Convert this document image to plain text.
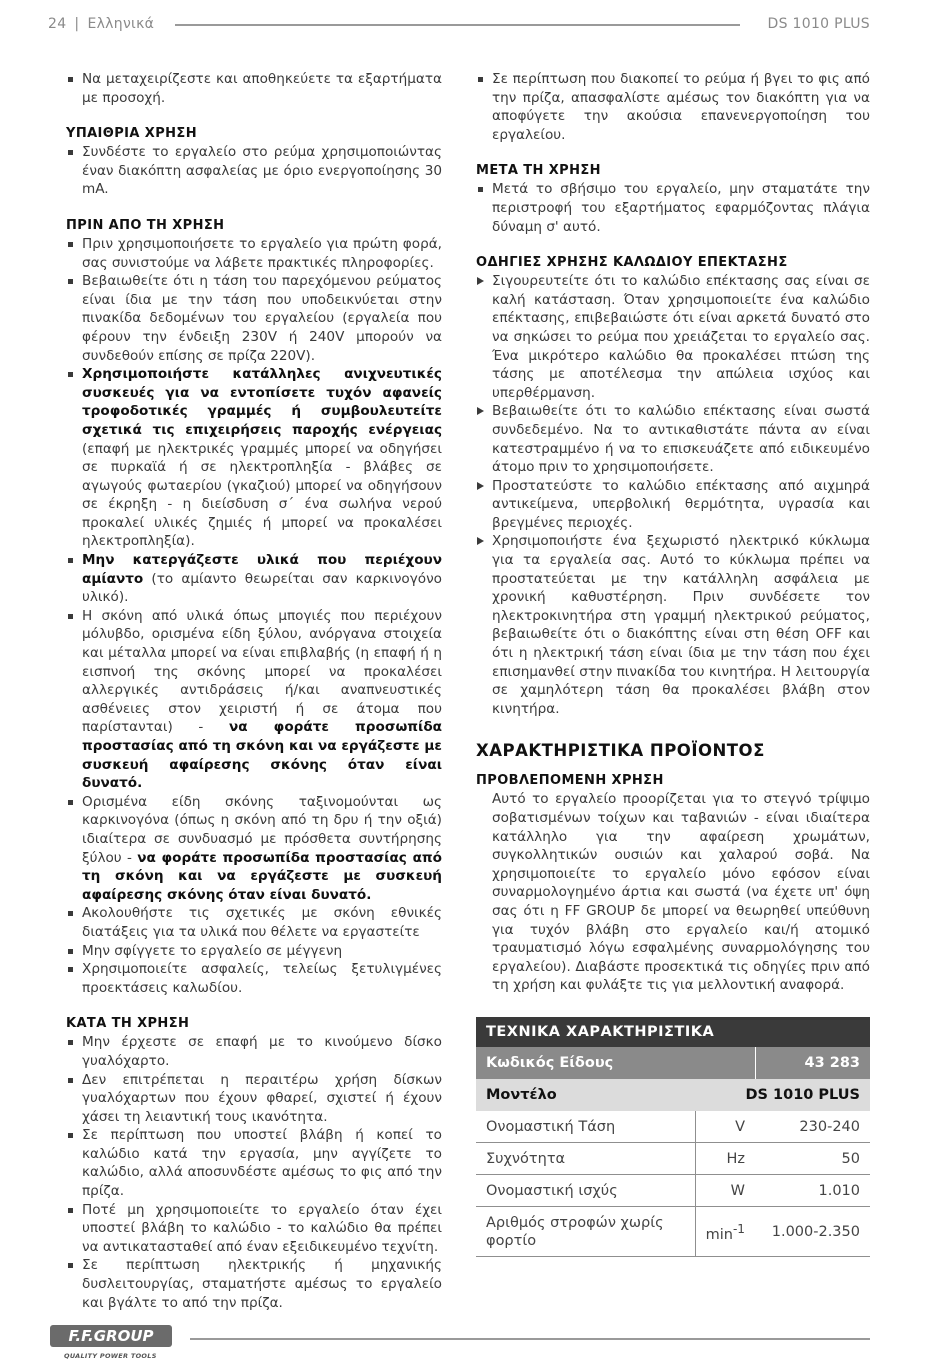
24 | Ελληνικά	DS 1010 PLUS
Να μεταχειρίζεστε και αποθηκεύετε τα εξαρτήματα με προσοχή.
ΥΠΑΙΘΡΙΑ ΧΡΗΣΗ
Συνδέστε το εργαλείο στο ρεύμα χρησιμοποιώντας έναν διακόπτη ασφαλείας με όριο ενεργοποίησης 30 mA.
ΠΡΙΝ ΑΠΟ ΤΗ ΧΡΗΣΗ
Πριν χρησιμοποιήσετε το εργαλείο για πρώτη φορά, σας συνιστούμε να λάβετε πρακτικές πληροφορίες.
Βεβαιωθείτε ότι η τάση του παρεχόμενου ρεύματος είναι ίδια με την τάση που υποδεικνύεται στην πινακίδα δεδομένων του εργαλείου (εργαλεία που φέρουν την ένδειξη 230V ή 240V μπορούν να συνδεθούν επίσης σε πρίζα 220V).
Χρησιμοποιήστε κατάλληλες ανιχνευτικές συσκευές για να εντοπίσετε τυχόν αφανείς τροφοδοτικές γραμμές ή συμβουλευτείτε σχετικά τις επιχειρήσεις παροχής ενέργειας (επαφή με ηλεκτρικές γραμμές μπορεί να οδηγήσει σε πυρκαϊά ή σε ηλεκτροπληξία - βλάβες σε αγωγούς φωταερίου (γκαζιού) μπορεί να οδηγήσουν σε έκρηξη - η διείσδυση σ΄ ένα σωλήνα νερού προκαλεί υλικές ζημιές ή μπορεί να προκαλέσει ηλεκτροπληξία).
Μην κατεργάζεστε υλικά που περιέχουν αμίαντο (το αμίαντο θεωρείται σαν καρκινογόνο υλικό).
Η σκόνη από υλικά όπως μπογιές που περιέχουν μόλυβδο, ορισμένα είδη ξύλου, ανόργανα στοιχεία και μέταλλα μπορεί να είναι επιβλαβής (η επαφή ή η εισπνοή της σκόνης μπορεί να προκαλέσει αλλεργικές αντιδράσεις ή/και αναπνευστικές ασθένειες στον χειριστή ή σε άτομα που παρίστανται) - να φοράτε προσωπίδα προστασίας από τη σκόνη και να εργάζεστε με συσκευή αφαίρεσης σκόνης όταν είναι δυνατό.
Ορισμένα είδη σκόνης ταξινομούνται ως καρκινογόνα (όπως η σκόνη από τη δρυ ή την οξιά) ιδιαίτερα σε συνδυασμό με πρόσθετα συντήρησης ξύλου - να φοράτε προσωπίδα προστασίας από τη σκόνη και να εργάζεστε με συσκευή αφαίρεσης σκόνης όταν είναι δυνατό.
Ακολουθήστε τις σχετικές με σκόνη εθνικές διατάξεις για τα υλικά που θέλετε να εργαστείτε
Μην σφίγγετε το εργαλείο σε μέγγενη
Χρησιμοποιείτε ασφαλείς, τελείως ξετυλιγμένες προεκτάσεις καλωδίου.
ΚΑΤΑ ΤΗ ΧΡΗΣΗ
Μην έρχεστε σε επαφή με το κινούμενο δίσκο γυαλόχαρτο.
Δεν επιτρέπεται η περαιτέρω χρήση δίσκων γυαλόχαρτων που έχουν φθαρεί, σχιστεί ή έχουν χάσει τη λειαντική τους ικανότητα.
Σε περίπτωση που υποστεί βλάβη ή κοπεί το καλώδιο κατά την εργασία, μην αγγίζετε το καλώδιο, αλλά αποσυνδέστε αμέσως το φις από την πρίζα.
Ποτέ μη χρησιμοποιείτε το εργαλείο όταν έχει υποστεί βλάβη το καλώδιο - το καλώδιο θα πρέπει να αντικατασταθεί από έναν εξειδικευμένο τεχνίτη.
Σε περίπτωση ηλεκτρικής ή μηχανικής δυσλειτουργίας, σταματήστε αμέσως το εργαλείο και βγάλτε το από την πρίζα.
Σε περίπτωση που διακοπεί το ρεύμα ή βγει το φις από την πρίζα, απασφαλίστε αμέσως τον διακόπτη για να αποφύγετε την ακούσια επανενεργοποίηση του εργαλείου.
ΜΕΤΑ ΤΗ ΧΡΗΣΗ
Μετά το σβήσιμο του εργαλείο, μην σταματάτε την περιστροφή του εξαρτήματος εφαρμόζοντας πλάγια δύναμη σ' αυτό.
ΟΔΗΓΙΕΣ ΧΡΗΣΗΣ ΚΑΛΩΔΙΟΥ ΕΠΕΚΤΑΣΗΣ
Σιγουρευτείτε ότι το καλώδιο επέκτασης σας είναι σε καλή κατάσταση. Όταν χρησιμοποιείτε ένα καλώδιο επέκτασης, επιβεβαιώστε ότι είναι αρκετά δυνατό στο να σηκώσει το ρεύμα που χρειάζεται το εργαλείο σας. Ένα μικρότερο καλώδιο θα προκαλέσει πτώση της τάσης με αποτέλεσμα την απώλεια ισχύος και υπερθέρμανση.
Βεβαιωθείτε ότι το καλώδιο επέκτασης είναι σωστά συνδεδεμένο. Να το αντικαθιστάτε πάντα αν είναι κατεστραμμένο ή να το επισκευάζετε από ειδικευμένο άτομο πριν το χρησιμοποιήσετε.
Προστατεύστε το καλώδιο επέκτασης από αιχμηρά αντικείμενα, υπερβολική θερμότητα, υγρασία και βρεγμένες περιοχές.
Χρησιμοποιήστε ένα ξεχωριστό ηλεκτρικό κύκλωμα για τα εργαλεία σας. Αυτό το κύκλωμα πρέπει να προστατεύεται με την κατάλληλη ασφάλεια με χρονική καθυστέρηση. Πριν συνδέσετε τον ηλεκτροκινητήρα στη γραμμή ηλεκτρικού ρεύματος, βεβαιωθείτε ότι ο διακόπτης είναι στη θέση OFF και ότι η ηλεκτρική τάση είναι ίδια με την τάση που έχει επισημανθεί στην πινακίδα του κινητήρα. Η λειτουργία σε χαμηλότερη τάση θα προκαλέσει βλάβη στον κινητήρα.
ΧΑΡΑΚΤΗΡΙΣΤΙΚΑ ΠΡΟΪΟΝΤΟΣ
ΠΡΟΒΛΕΠΟΜΕΝΗ ΧΡΗΣΗ

Αυτό το εργαλείο προορίζεται για το στεγνό τρίψιμο σοβατισμένων τοίχων και ταβανιών - είναι ιδιαίτερα κατάλληλο για την αφαίρεση χρωμάτων, συγκολλητικών ουσιών και χαλαρού σοβά. Να χρησιμοποιείτε το εργαλείο μόνο εφόσον είναι συναρμολογημένο άρτια και σωστά (να έχετε υπ' όψη σας ότι η FF GROUP δε μπορεί να θεωρηθεί υπεύθυνη για τυχόν βλάβη στο εργαλείο και/ή ατομικό τραυματισμό λόγω εσφαλμένης συναρμολόγησης του εργαλείου). Διαβάστε προσεκτικά τις οδηγίες πριν από τη χρήση και φυλάξτε τις για μελλοντική αναφορά.

ΤΕΧΝΙΚΑ ΧΑΡΑΚΤΗΡΙΣΤΙΚΑ		
Κωδικός Είδους		43 283
Μοντέλο	DS 1010 PLUS	
Ονομαστική Τάση	V	230-240
Συχνότητα	Hz	50
Ονομαστική ισχύς	W	1.010
Αριθμός στροφών χωρίς φορτίο	$\min^{-1}$	1.000-2.350
F.F.GROUP
QUALITY POWER TOOLS
